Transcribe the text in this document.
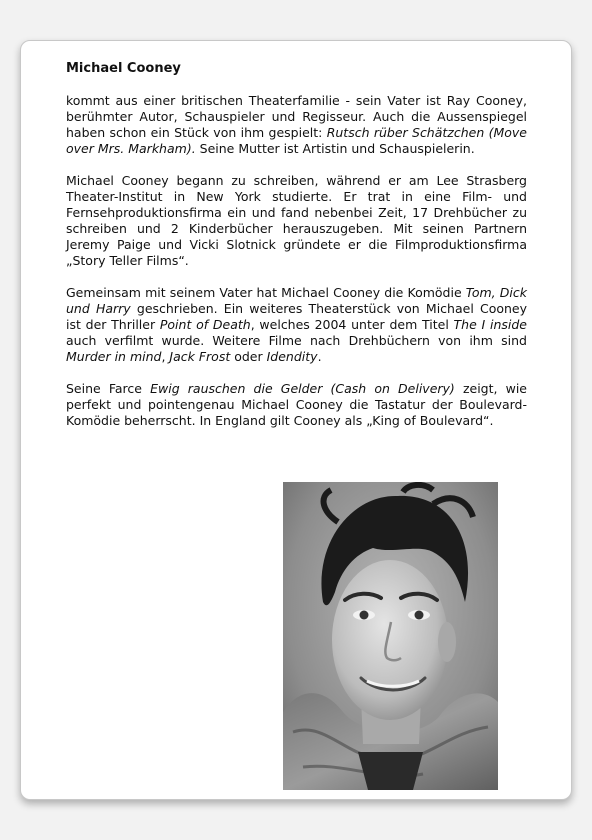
Michael Cooney

kommt aus einer britischen Theaterfamilie - sein Vater ist Ray Cooney, berühmter Autor, Schauspieler und Regisseur. Auch die Aussenspiegel haben schon ein Stück von ihm gespielt: Rutsch rüber Schätzchen (Move over Mrs. Markham). Seine Mutter ist Artistin und Schauspielerin.

Michael Cooney begann zu schreiben, während er am Lee Strasberg Theater-Institut in New York studierte. Er trat in eine Film- und Fernsehproduktionsfirma ein und fand nebenbei Zeit, 17 Drehbücher zu schreiben und 2 Kinderbücher herauszugeben. Mit seinen Partnern Jeremy Paige und Vicki Slotnick gründete er die Filmproduktionsfirma „Story Teller Films“.

Gemeinsam mit seinem Vater hat Michael Cooney die Komödie Tom, Dick und Harry geschrieben. Ein weiteres Theaterstück von Michael Cooney ist der Thriller Point of Death, welches 2004 unter dem Titel The I inside auch verfilmt wurde. Weitere Filme nach Drehbüchern von ihm sind Murder in mind, Jack Frost oder Idendity.

Seine Farce Ewig rauschen die Gelder (Cash on Delivery) zeigt, wie perfekt und pointengenau Michael Cooney die Tastatur der Boulevard-Komödie beherrscht. In England gilt Cooney als „King of Boulevard“.
